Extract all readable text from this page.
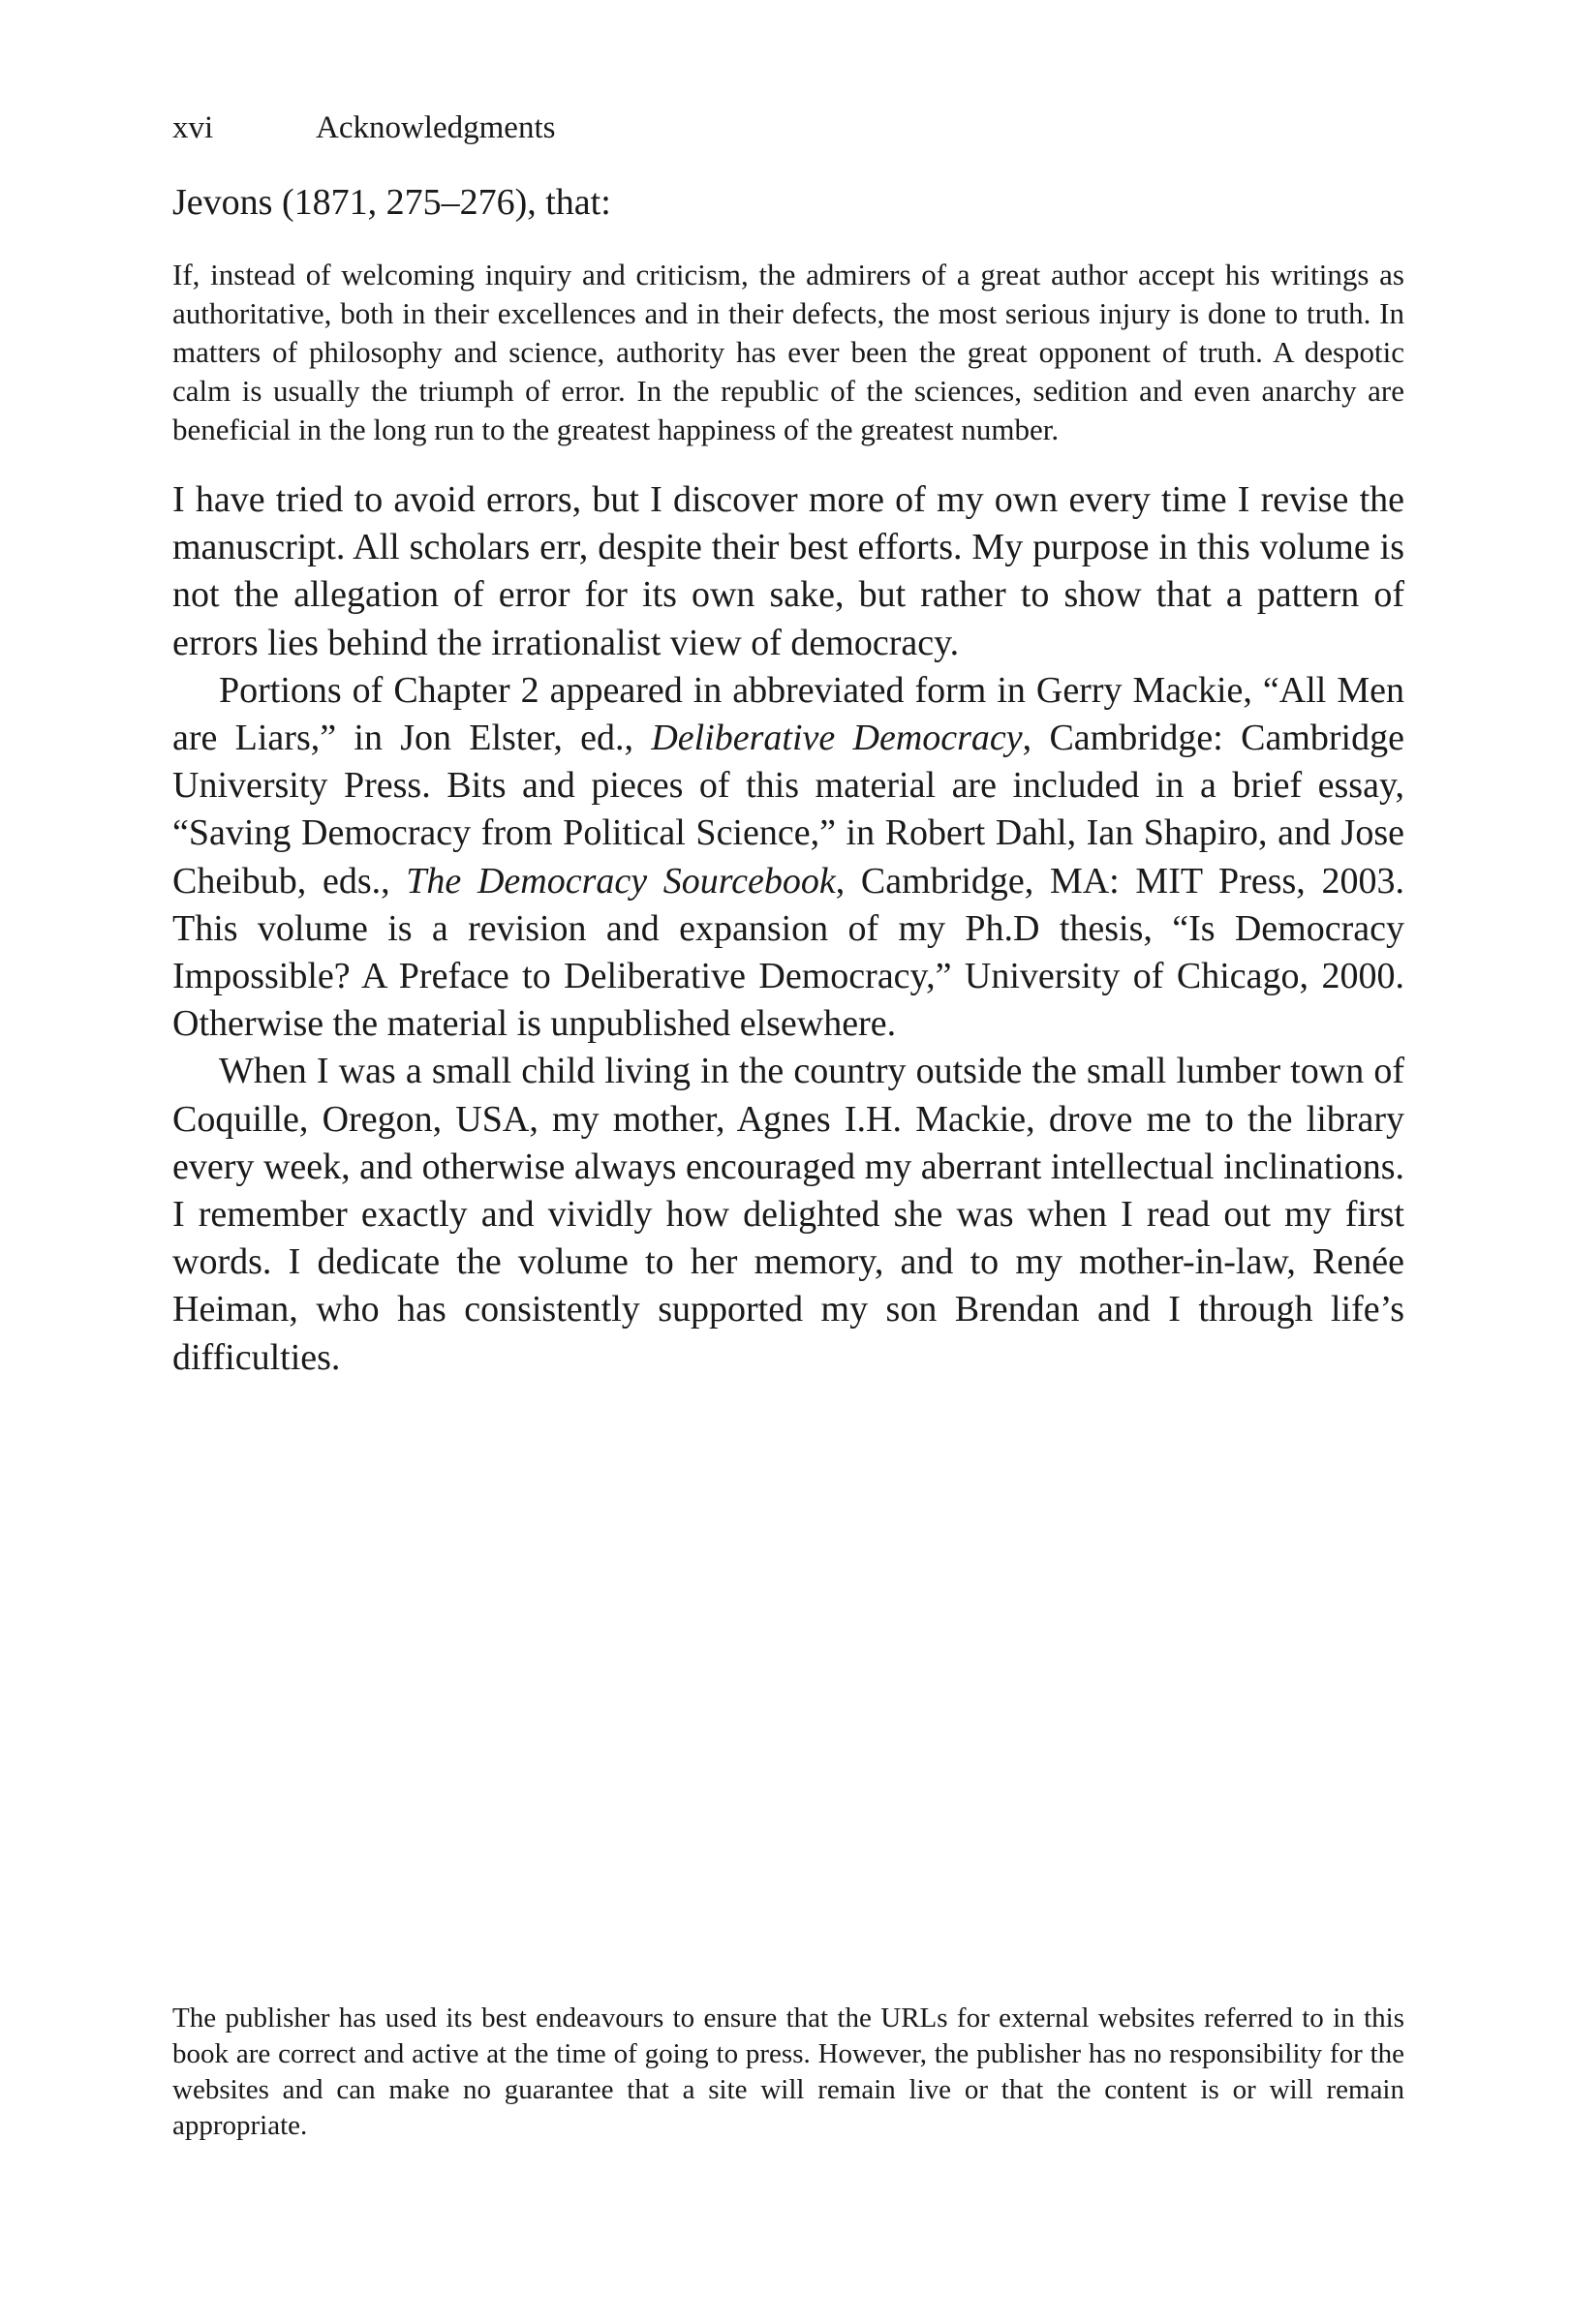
xvi	Acknowledgments

Jevons (1871, 275–276), that:

If, instead of welcoming inquiry and criticism, the admirers of a great author accept his writings as authoritative, both in their excellences and in their defects, the most serious injury is done to truth. In matters of philosophy and science, authority has ever been the great opponent of truth. A despotic calm is usually the triumph of error. In the republic of the sciences, sedition and even anarchy are beneficial in the long run to the greatest happiness of the greatest number.

I have tried to avoid errors, but I discover more of my own every time I revise the manuscript. All scholars err, despite their best efforts. My purpose in this volume is not the allegation of error for its own sake, but rather to show that a pattern of errors lies behind the irrationalist view of democracy.

Portions of Chapter 2 appeared in abbreviated form in Gerry Mackie, “All Men are Liars,” in Jon Elster, ed., Deliberative Democracy, Cambridge: Cambridge University Press. Bits and pieces of this material are included in a brief essay, “Saving Democracy from Political Science,” in Robert Dahl, Ian Shapiro, and Jose Cheibub, eds., The Democracy Sourcebook, Cambridge, MA: MIT Press, 2003. This volume is a revision and expansion of my Ph.D thesis, “Is Democracy Impossible? A Preface to Deliberative Democracy,” University of Chicago, 2000. Otherwise the material is unpublished elsewhere.

When I was a small child living in the country outside the small lumber town of Coquille, Oregon, USA, my mother, Agnes I.H. Mackie, drove me to the library every week, and otherwise always encouraged my aberrant intellectual inclinations. I remember exactly and vividly how delighted she was when I read out my first words. I dedicate the volume to her memory, and to my mother-in-law, Renée Heiman, who has consistently supported my son Brendan and I through life’s difficulties.

The publisher has used its best endeavours to ensure that the URLs for external websites referred to in this book are correct and active at the time of going to press. However, the publisher has no responsibility for the websites and can make no guarantee that a site will remain live or that the content is or will remain appropriate.
